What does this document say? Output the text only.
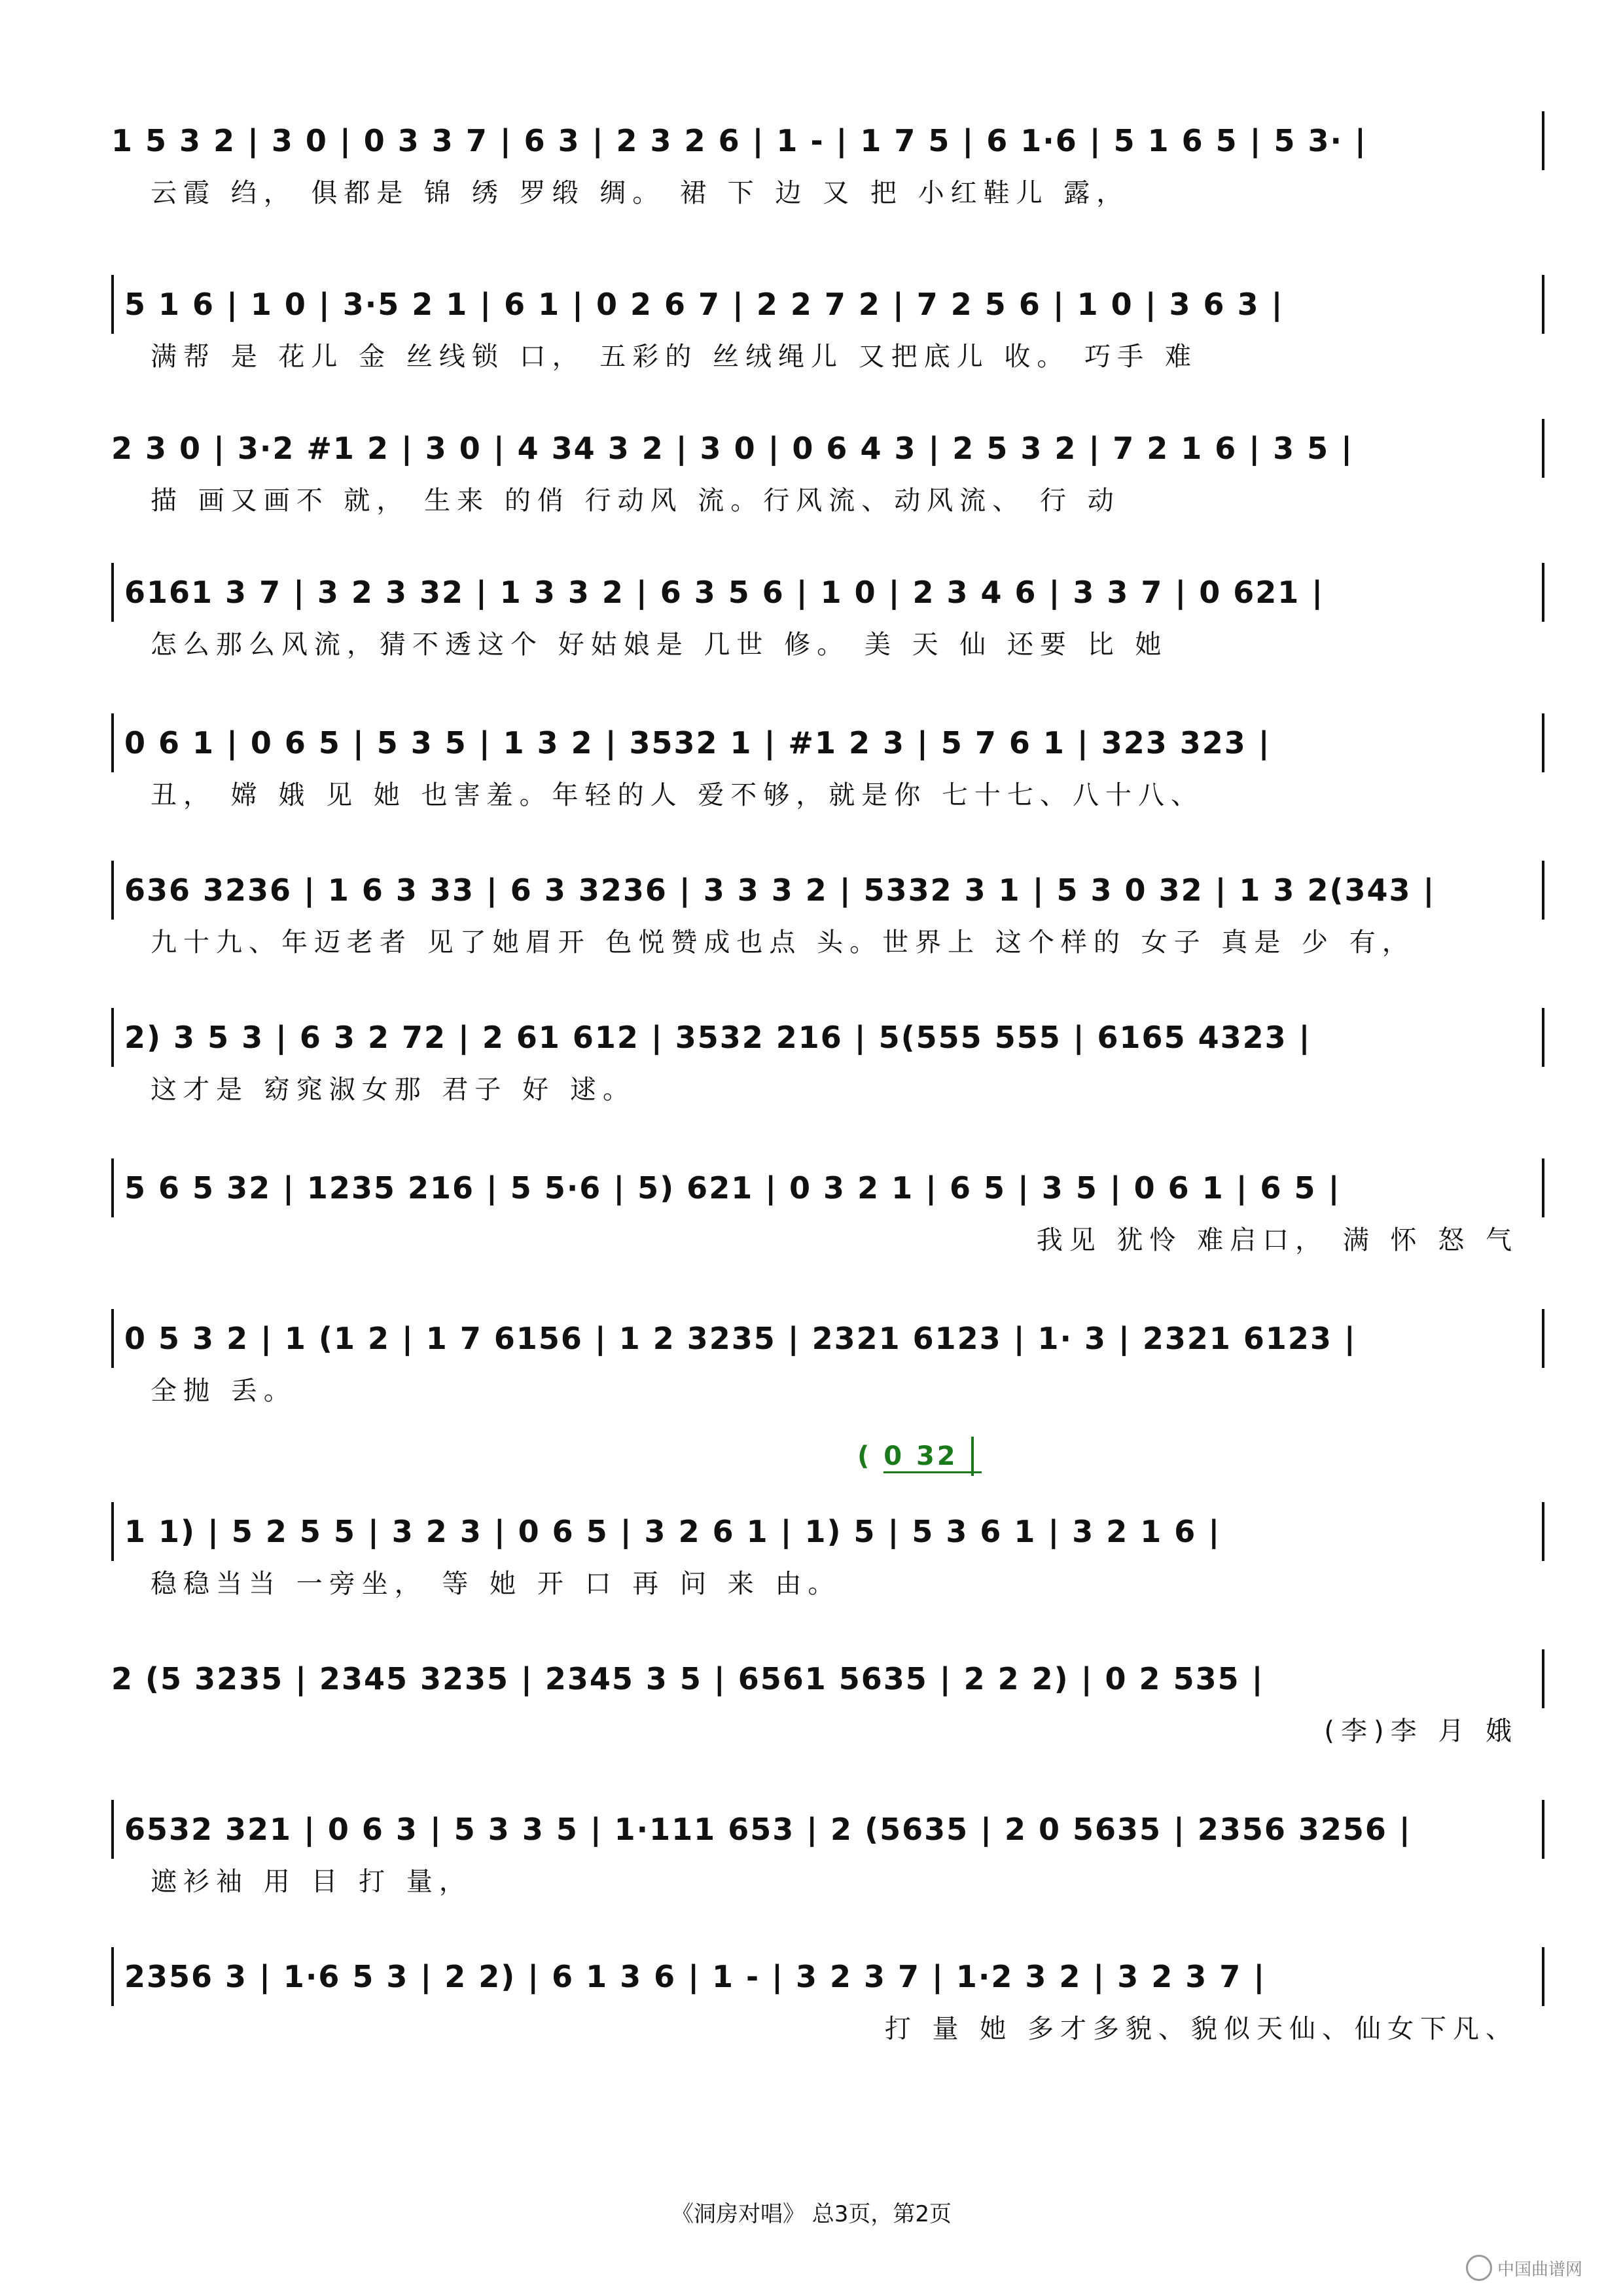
1 5 3 2 | 3 0 | 0 3 3 7 | 6 3 | 2 3 2 6 | 1 - | 1 7 5 | 6 1·6 | 5 1 6 5 | 5 3· |
云霞 绉， 俱都是 锦 绣 罗缎 绸。 裙 下 边 又 把 小红鞋儿 露，
5 1 6 | 1 0 | 3·5 2 1 | 6 1 | 0 2 6 7 | 2 2 7 2 | 7 2 5 6 | 1 0 | 3 6 3 |
满帮 是 花儿 金 丝线锁 口， 五彩的 丝绒绳儿 又把底儿 收。 巧手 难
2 3 0 | 3·2 #1 2 | 3 0 | 4 34 3 2 | 3 0 | 0 6 4 3 | 2 5 3 2 | 7 2 1 6 | 3 5 |
描 画又画不 就， 生来 的俏 行动风 流。行风流、动风流、 行 动
6161 3 7 | 3 2 3 32 | 1 3 3 2 | 6 3 5 6 | 1 0 | 2 3 4 6 | 3 3 7 | 0 621 |
怎么那么风流，猜不透这个 好姑娘是 几世 修。 美 天 仙 还要 比 她
0 6 1 | 0 6 5 | 5 3 5 | 1 3 2 | 3532 1 | #1 2 3 | 5 7 6 1 | 323 323 |
丑， 嫦 娥 见 她 也害羞。年轻的人 爱不够，就是你 七十七、八十八、
636 3236 | 1 6 3 33 | 6 3 3236 | 3 3 3 2 | 5332 3 1 | 5 3 0 32 | 1 3 2(343 |
九十九、年迈老者 见了她眉开 色悦赞成也点 头。世界上 这个样的 女子 真是 少 有，
2) 3 5 3 | 6 3 2 72 | 2 61 612 | 3532 216 | 5(555 555 | 6165 4323 |
这才是 窈窕淑女那 君子 好 逑。
5 6 5 32 | 1235 216 | 5 5·6 | 5) 621 | 0 3 2 1 | 6 5 | 3 5 | 0 6 1 | 6 5 |
我见 犹怜 难启口， 满 怀 怒 气
0 5 3 2 | 1 (1 2 | 1 7 6156 | 1 2 3235 | 2321 6123 | 1· 3 | 2321 6123 |
全抛 丢。
( 0 32
1 1) | 5 2 5 5 | 3 2 3 | 0 6 5 | 3 2 6 1 | 1) 5 | 5 3 6 1 | 3 2 1 6 |
稳稳当当 一旁坐， 等 她 开 口 再 问 来 由。
2 (5 3235 | 2345 3235 | 2345 3 5 | 6561 5635 | 2 2 2) | 0 2 535 |
(李)李 月 娥
6532 321 | 0 6 3 | 5 3 3 5 | 1·111 653 | 2 (5635 | 2 0 5635 | 2356 3256 |
遮衫袖 用 目 打 量，
2356 3 | 1·6 5 3 | 2 2) | 6 1 3 6 | 1 - | 3 2 3 7 | 1·2 3 2 | 3 2 3 7 |
打 量 她 多才多貌、貌似天仙、仙女下凡、
《洞房对唱》 总3页，第2页
中国曲谱网
